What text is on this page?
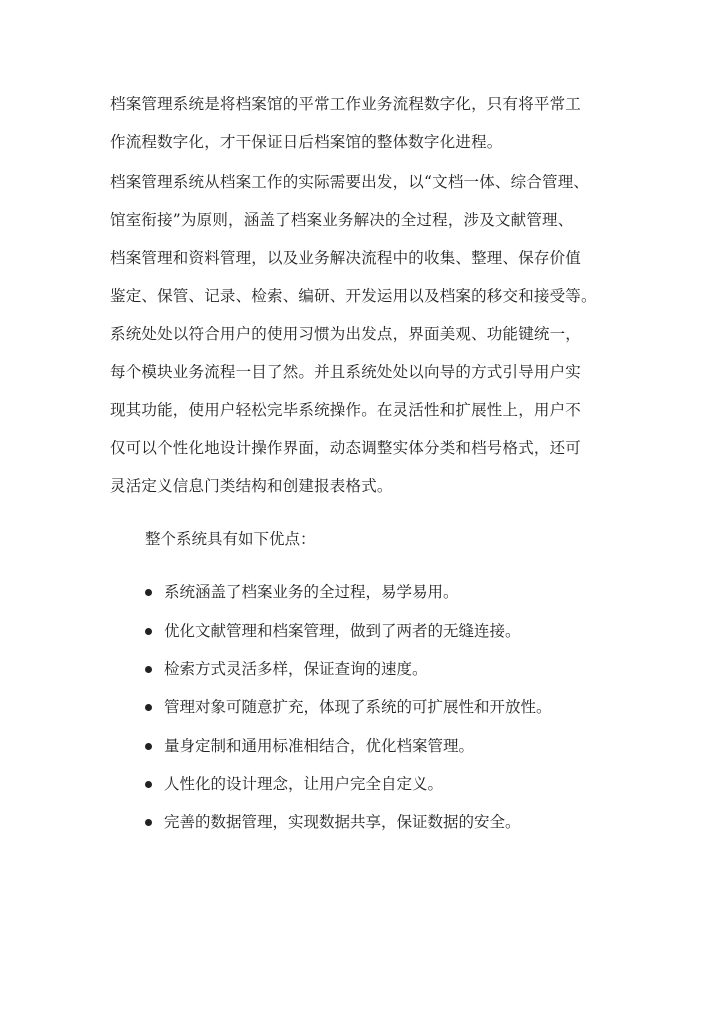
档案管理系统是将档案馆的平常工作业务流程数字化，只有将平常工
作流程数字化，才干保证日后档案馆的整体数字化进程。
档案管理系统从档案工作的实际需要出发，以“文档一体、综合管理、
馆室衔接”为原则，涵盖了档案业务解决的全过程，涉及文献管理、
档案管理和资料管理，以及业务解决流程中的收集、整理、保存价值
鉴定、保管、记录、检索、编研、开发运用以及档案的移交和接受等。
系统处处以符合用户的使用习惯为出发点，界面美观、功能键统一，
每个模块业务流程一目了然。并且系统处处以向导的方式引导用户实
现其功能，使用户轻松完毕系统操作。在灵活性和扩展性上，用户不
仅可以个性化地设计操作界面，动态调整实体分类和档号格式，还可
灵活定义信息门类结构和创建报表格式。
整个系统具有如下优点：
系统涵盖了档案业务的全过程，易学易用。
优化文献管理和档案管理，做到了两者的无缝连接。
检索方式灵活多样，保证查询的速度。
管理对象可随意扩充，体现了系统的可扩展性和开放性。
量身定制和通用标准相结合，优化档案管理。
人性化的设计理念，让用户完全自定义。
完善的数据管理，实现数据共享，保证数据的安全。
